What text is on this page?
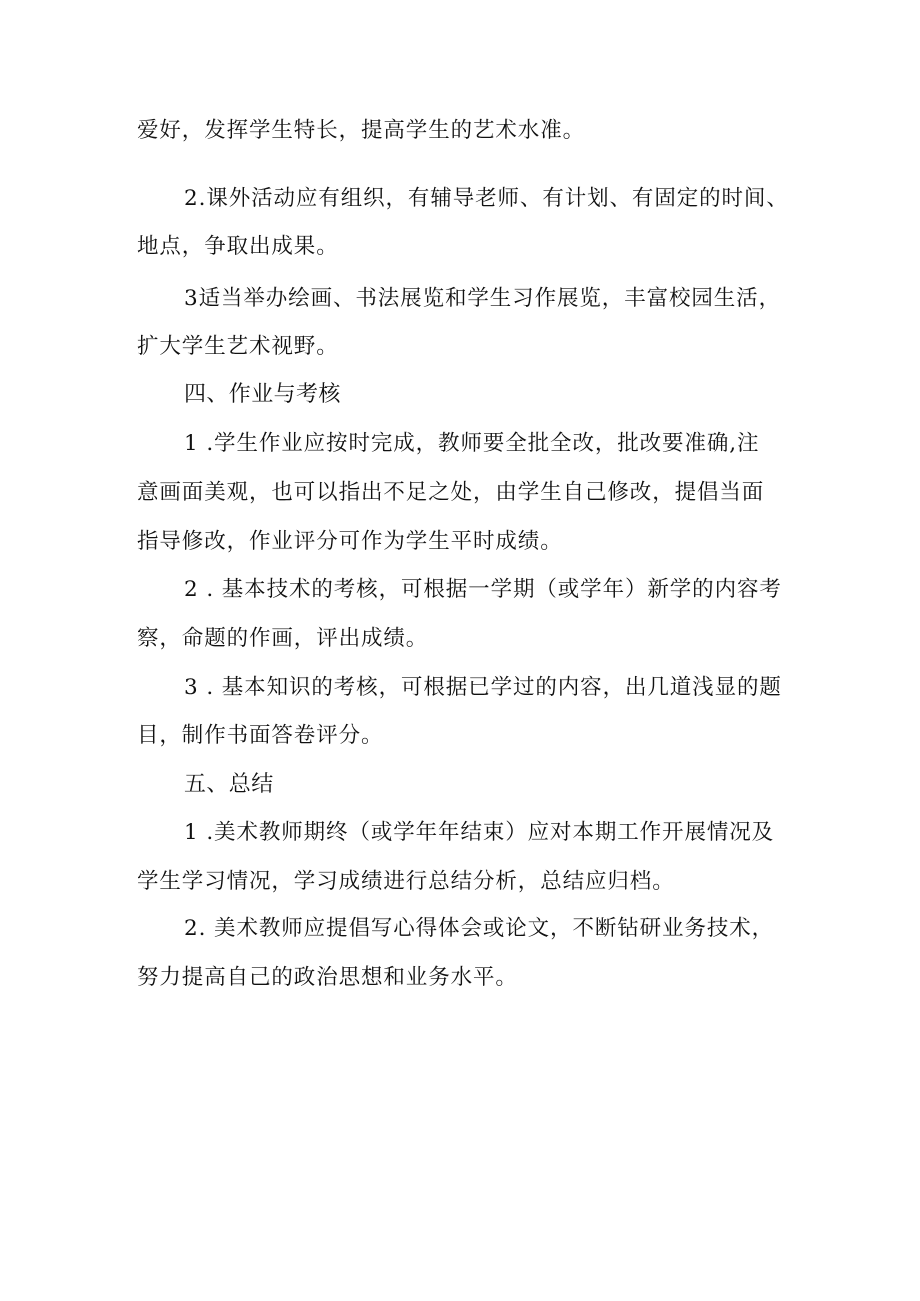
爱好，发挥学生特长，提高学生的艺术水准。

2.课外活动应有组织，有辅导老师、有计划、有固定的时间、

地点，争取出成果。

3适当举办绘画、书法展览和学生习作展览，丰富校园生活，

扩大学生艺术视野。

四、作业与考核

1 .学生作业应按时完成，教师要全批全改，批改要准确,注

意画面美观，也可以指出不足之处，由学生自己修改，提倡当面

指导修改，作业评分可作为学生平时成绩。

2 . 基本技术的考核，可根据一学期（或学年）新学的内容考

察，命题的作画，评出成绩。

3 . 基本知识的考核，可根据已学过的内容，出几道浅显的题

目，制作书面答卷评分。

五、总结

1 .美术教师期终（或学年年结束）应对本期工作开展情况及

学生学习情况，学习成绩进行总结分析，总结应归档。

2. 美术教师应提倡写心得体会或论文，不断钻研业务技术，

努力提高自己的政治思想和业务水平。
